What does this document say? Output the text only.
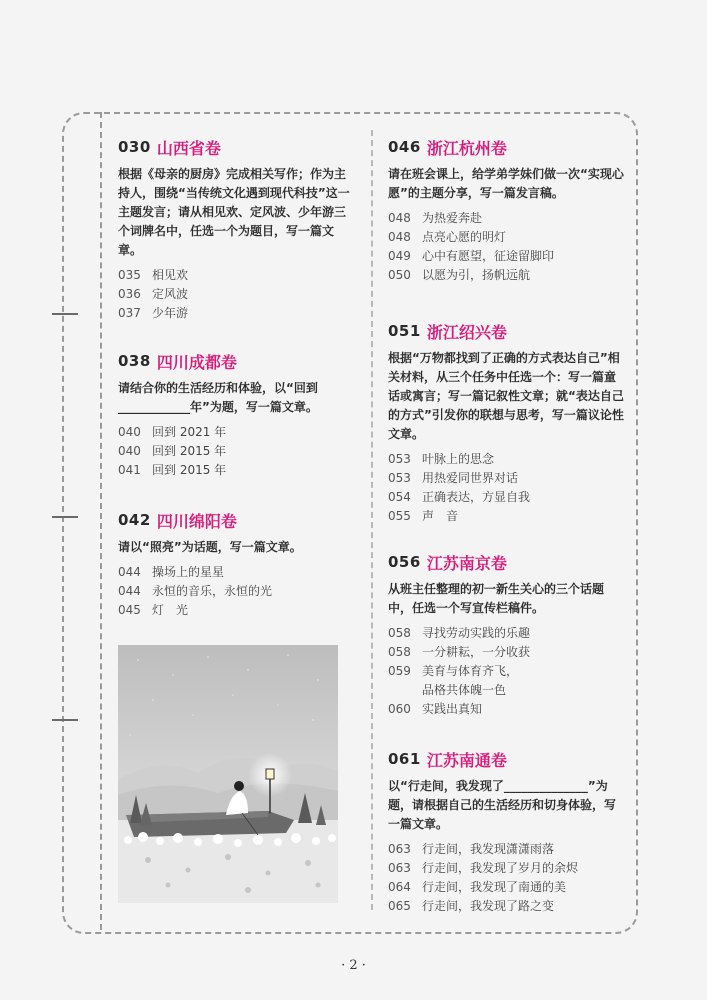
030 山西省卷
根据《母亲的厨房》完成相关写作；作为主持人，围绕“当传统文化遇到现代科技”这一主题发言；请从相见欢、定风波、少年游三个词牌名中，任选一个为题目，写一篇文章。
035 相见欢
036 定风波
037 少年游
038 四川成都卷
请结合你的生活经历和体验，以“回到____________年”为题，写一篇文章。
040 回到 2021 年
040 回到 2015 年
041 回到 2015 年
042 四川绵阳卷
请以“照亮”为话题，写一篇文章。
044 操场上的星星
044 永恒的音乐，永恒的光
045 灯　光
046 浙江杭州卷
请在班会课上，给学弟学妹们做一次“实现心愿”的主题分享，写一篇发言稿。
048 为热爱奔赴
048 点亮心愿的明灯
049 心中有愿望，征途留脚印
050 以愿为引，扬帆远航
051 浙江绍兴卷
根据“万物都找到了正确的方式表达自己”相关材料，从三个任务中任选一个：写一篇童话或寓言；写一篇记叙性文章；就“表达自己的方式”引发你的联想与思考，写一篇议论性文章。
053 叶脉上的思念
053 用热爱同世界对话
054 正确表达，方显自我
055 声　音
056 江苏南京卷
从班主任整理的初一新生关心的三个话题中，任选一个写宣传栏稿件。
058 寻找劳动实践的乐趣
058 一分耕耘，一分收获
059 美育与体育齐飞，
品格共体魄一色
060 实践出真知
061 江苏南通卷
以“行走间，我发现了______________”为题，请根据自己的生活经历和切身体验，写一篇文章。
063 行走间，我发现潇潇雨落
063 行走间，我发现了岁月的余烬
064 行走间，我发现了南通的美
065 行走间，我发现了路之变
· 2 ·
